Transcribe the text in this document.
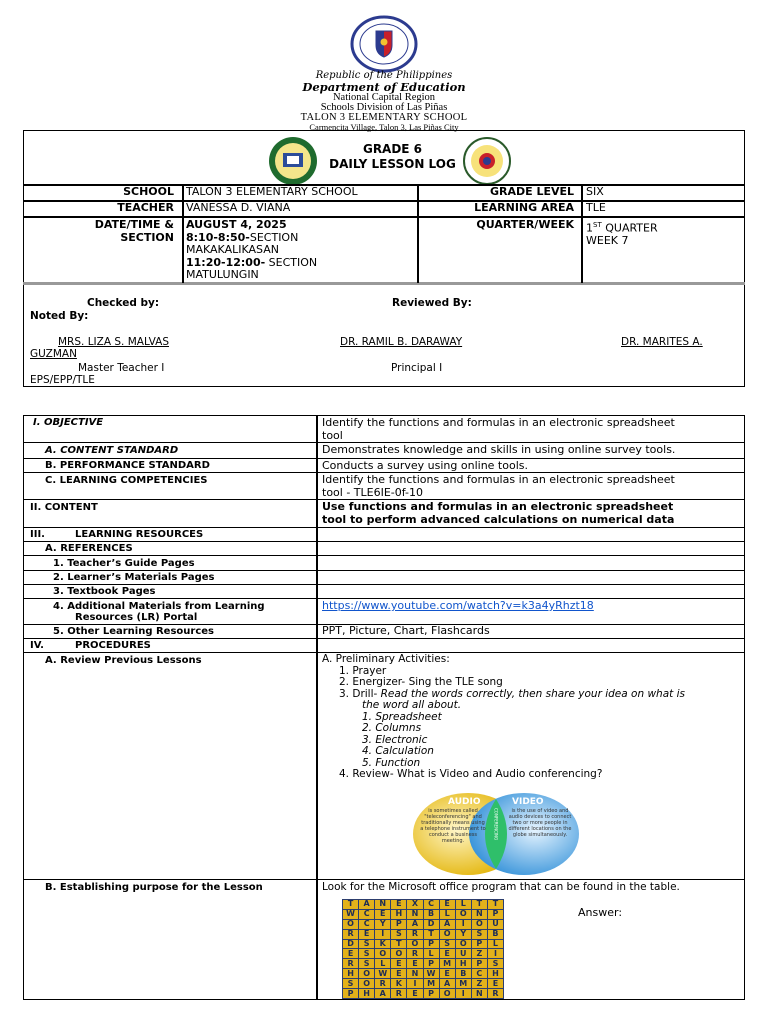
Republic of the Philippines
Department of Education
National Capital Region
Schools Division of Las Piñas
TALON 3 ELEMENTARY SCHOOL
Carmencita Village, Talon 3, Las Piñas City
GRADE 6
DAILY LESSON LOG
SCHOOL TALON 3 ELEMENTARY SCHOOL	GRADE LEVEL SIX
TEACHER VANESSA D. VIAÑA	LEARNING AREA TLE
DATE/TIME &
SECTION
AUGUST 4, 2025
8:10-8:50-SECTION
MAKAKALIKASAN
11:20-12:00- SECTION
MATULUNGIN
QUARTER/WEEK 1ST QUARTER
WEEK 7
Checked by:	Reviewed By:
Noted By:
MRS. LIZA S. MALVAS	DR. RAMIL B. DARAWAY	DR. MARITES A.
GUZMAN
Master Teacher I	Principal I
EPS/EPP/TLE
I. OBJECTIVE	Identify the functions and formulas in an electronic spreadsheet
tool
A. CONTENT STANDARD	Demonstrates knowledge and skills in using online survey tools.
B. PERFORMANCE STANDARD	Conducts a survey using online tools.
C. LEARNING COMPETENCIES	Identify the functions and formulas in an electronic spreadsheet
tool - TLE6IE-0f-10
II. CONTENT	Use functions and formulas in an electronic spreadsheet
tool to perform advanced calculations on numerical data
III.	LEARNING RESOURCES
A. REFERENCES
1. Teacher’s Guide Pages
2. Learner’s Materials Pages
3. Textbook Pages
4. Additional Materials from Learning
Resources (LR) Portal
https://www.youtube.com/watch?v=k3a4yRhzt18
5. Other Learning Resources	PPT, Picture, Chart, Flashcards
IV.	PROCEDURES
A. Review Previous Lessons	A. Preliminary Activities:
1. Prayer
2. Energizer- Sing the TLE song
3. Drill- Read the words correctly, then share your idea on what is
the word all about.
1. Spreadsheet
2. Columns
3. Electronic
4. Calculation
5. Function
4. Review- What is Video and Audio conferencing?
AUDIO	VIDEO
CONFERENCING
is sometimes called "teleconferencing" and traditionally means using a telephone instrument to conduct a business meeting.
is the use of video and audio devices to connect two or more people in different locations on the globe simultaneously.
B. Establishing purpose for the Lesson	Look for the Microsoft office program that can be found in the table.
Answer:
T	A	N	E	X	C	E	L	T	T
W	C	E	H	N	B	L	O	N	P
O	C	Y	P	A	D	A	I	O	U
R	E	I	S	R	T	O	Y	S	B
D	S	K	T	O	P	S	O	P	L
E	S	O	O	R	L	E	U	Z	I
R	S	L	E	E	P	M	H	P	S
H	O	W	E	N	W	E	B	C	H
S	O	R	K	I	M	A	M	Z	E
P	H	A	R	E	P	O	I	N	R
